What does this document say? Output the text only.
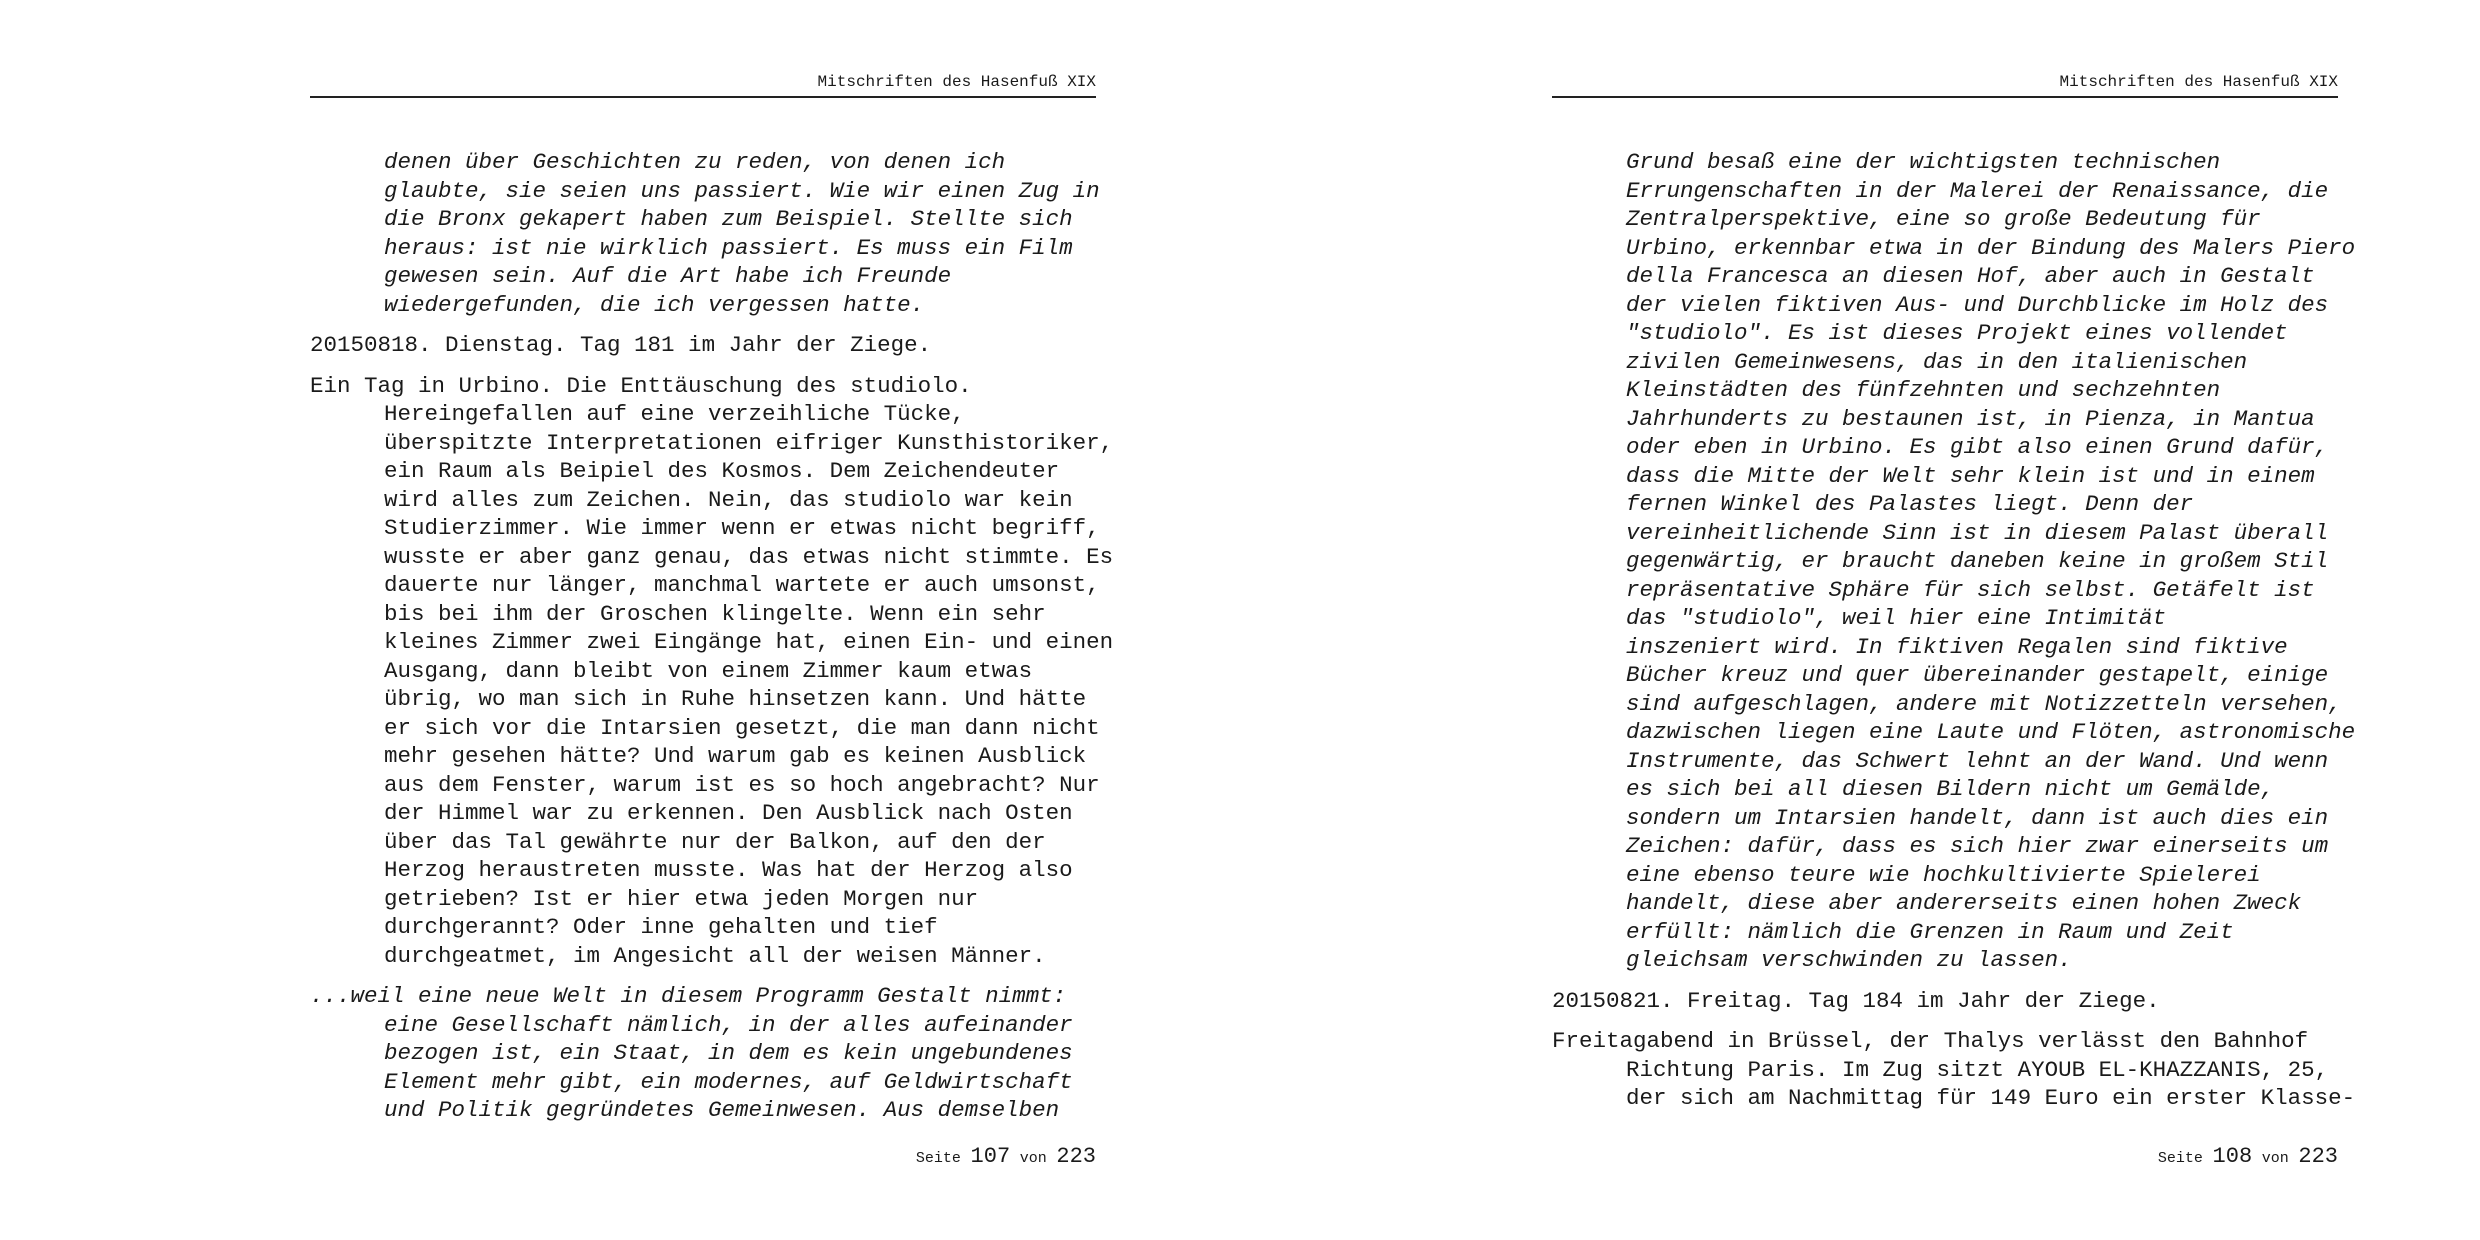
Mitschriften des Hasenfuß XIX
denen über Geschichten zu reden, von denen ich
glaubte, sie seien uns passiert. Wie wir einen Zug in
die Bronx gekapert haben zum Beispiel. Stellte sich
heraus: ist nie wirklich passiert. Es muss ein Film
gewesen sein. Auf die Art habe ich Freunde
wiedergefunden, die ich vergessen hatte.
20150818. Dienstag. Tag 181 im Jahr der Ziege.
Ein Tag in Urbino. Die Enttäuschung des studiolo.
Hereingefallen auf eine verzeihliche Tücke,
überspitzte Interpretationen eifriger Kunsthistoriker,
ein Raum als Beipiel des Kosmos. Dem Zeichendeuter
wird alles zum Zeichen. Nein, das studiolo war kein
Studierzimmer. Wie immer wenn er etwas nicht begriff,
wusste er aber ganz genau, das etwas nicht stimmte. Es
dauerte nur länger, manchmal wartete er auch umsonst,
bis bei ihm der Groschen klingelte. Wenn ein sehr
kleines Zimmer zwei Eingänge hat, einen Ein- und einen
Ausgang, dann bleibt von einem Zimmer kaum etwas
übrig, wo man sich in Ruhe hinsetzen kann. Und hätte
er sich vor die Intarsien gesetzt, die man dann nicht
mehr gesehen hätte? Und warum gab es keinen Ausblick
aus dem Fenster, warum ist es so hoch angebracht? Nur
der Himmel war zu erkennen. Den Ausblick nach Osten
über das Tal gewährte nur der Balkon, auf den der
Herzog heraustreten musste. Was hat der Herzog also
getrieben? Ist er hier etwa jeden Morgen nur
durchgerannt? Oder inne gehalten und tief
durchgeatmet, im Angesicht all der weisen Männer.
...weil eine neue Welt in diesem Programm Gestalt nimmt:
eine Gesellschaft nämlich, in der alles aufeinander
bezogen ist, ein Staat, in dem es kein ungebundenes
Element mehr gibt, ein modernes, auf Geldwirtschaft
und Politik gegründetes Gemeinwesen. Aus demselben
Seite 107 von 223
Mitschriften des Hasenfuß XIX
Grund besaß eine der wichtigsten technischen
Errungenschaften in der Malerei der Renaissance, die
Zentralperspektive, eine so große Bedeutung für
Urbino, erkennbar etwa in der Bindung des Malers Piero
della Francesca an diesen Hof, aber auch in Gestalt
der vielen fiktiven Aus- und Durchblicke im Holz des
"studiolo". Es ist dieses Projekt eines vollendet
zivilen Gemeinwesens, das in den italienischen
Kleinstädten des fünfzehnten und sechzehnten
Jahrhunderts zu bestaunen ist, in Pienza, in Mantua
oder eben in Urbino. Es gibt also einen Grund dafür,
dass die Mitte der Welt sehr klein ist und in einem
fernen Winkel des Palastes liegt. Denn der
vereinheitlichende Sinn ist in diesem Palast überall
gegenwärtig, er braucht daneben keine in großem Stil
repräsentative Sphäre für sich selbst. Getäfelt ist
das "studiolo", weil hier eine Intimität
inszeniert wird. In fiktiven Regalen sind fiktive
Bücher kreuz und quer übereinander gestapelt, einige
sind aufgeschlagen, andere mit Notizzetteln versehen,
dazwischen liegen eine Laute und Flöten, astronomische
Instrumente, das Schwert lehnt an der Wand. Und wenn
es sich bei all diesen Bildern nicht um Gemälde,
sondern um Intarsien handelt, dann ist auch dies ein
Zeichen: dafür, dass es sich hier zwar einerseits um
eine ebenso teure wie hochkultivierte Spielerei
handelt, diese aber andererseits einen hohen Zweck
erfüllt: nämlich die Grenzen in Raum und Zeit
gleichsam verschwinden zu lassen.
20150821. Freitag. Tag 184 im Jahr der Ziege.
Freitagabend in Brüssel, der Thalys verlässt den Bahnhof
Richtung Paris. Im Zug sitzt AYOUB EL-KHAZZANIS, 25,
der sich am Nachmittag für 149 Euro ein erster Klasse-
Seite 108 von 223
